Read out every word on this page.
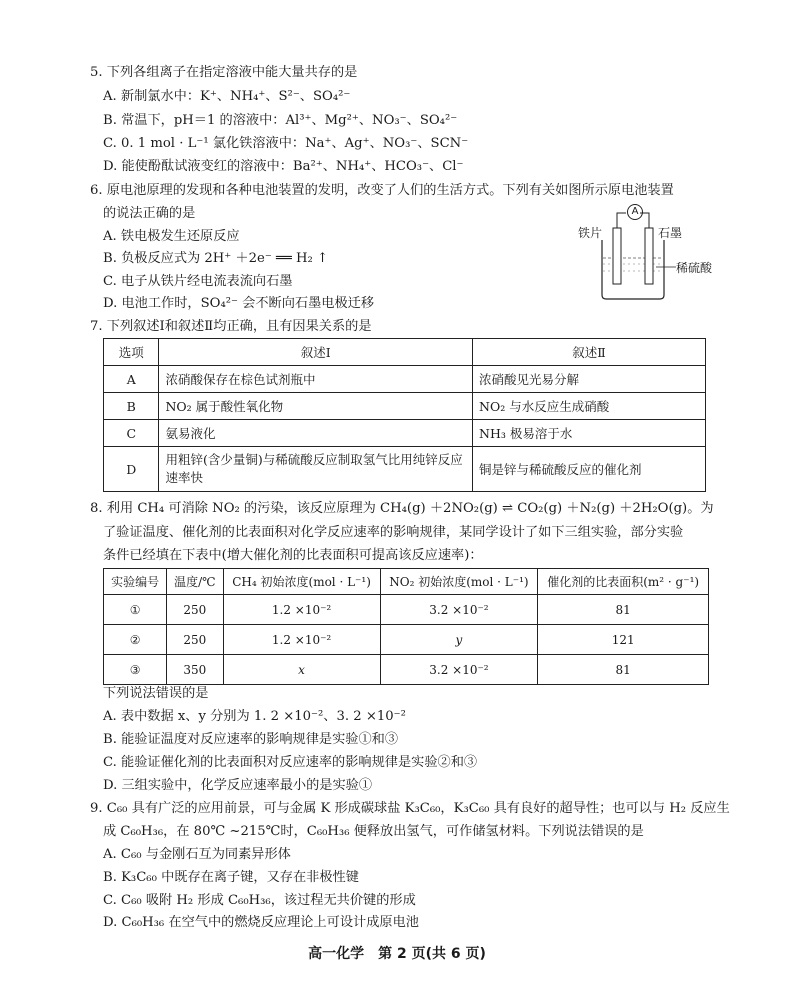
5. 下列各组离子在指定溶液中能大量共存的是
A. 新制氯水中：K⁺、NH₄⁺、S²⁻、SO₄²⁻
B. 常温下，pH＝1 的溶液中：Al³⁺、Mg²⁺、NO₃⁻、SO₄²⁻
C. 0. 1 mol · L⁻¹ 氯化铁溶液中：Na⁺、Ag⁺、NO₃⁻、SCN⁻
D. 能使酚酞试液变红的溶液中：Ba²⁺、NH₄⁺、HCO₃⁻、Cl⁻
6. 原电池原理的发现和各种电池装置的发明，改变了人们的生活方式。下列有关如图所示原电池装置
的说法正确的是
A. 铁电极发生还原反应
B. 负极反应式为 2H⁺ ＋2e⁻ ══ H₂ ↑
C. 电子从铁片经电流表流向石墨
D. 电池工作时，SO₄²⁻ 会不断向石墨电极迁移
A
铁片	石墨
稀硫酸
7. 下列叙述Ⅰ和叙述Ⅱ均正确，且有因果关系的是
选项	叙述Ⅰ	叙述Ⅱ
A	浓硝酸保存在棕色试剂瓶中	浓硝酸见光易分解
B	NO₂ 属于酸性氧化物	NO₂ 与水反应生成硝酸
C	氨易液化	NH₃ 极易溶于水
D	用粗锌(含少量铜)与稀硫酸反应制取氢气比用纯锌反应速率快	铜是锌与稀硫酸反应的催化剂
8. 利用 CH₄ 可消除 NO₂ 的污染，该反应原理为 CH₄(g) ＋2NO₂(g) ⇌ CO₂(g) ＋N₂(g) ＋2H₂O(g)。为
了验证温度、催化剂的比表面积对化学反应速率的影响规律，某同学设计了如下三组实验，部分实验
条件已经填在下表中(增大催化剂的比表面积可提高该反应速率)：
实验编号	温度/℃	CH₄ 初始浓度(mol · L⁻¹)	NO₂ 初始浓度(mol · L⁻¹)	催化剂的比表面积(m² · g⁻¹)
①	250	1.2 ×10⁻²	3.2 ×10⁻²	81
②	250	1.2 ×10⁻²	y	121
③	350	x	3.2 ×10⁻²	81
下列说法错误的是
A. 表中数据 x、y 分别为 1. 2 ×10⁻²、3. 2 ×10⁻²
B. 能验证温度对反应速率的影响规律是实验①和③
C. 能验证催化剂的比表面积对反应速率的影响规律是实验②和③
D. 三组实验中，化学反应速率最小的是实验①
9. C₆₀ 具有广泛的应用前景，可与金属 K 形成碳球盐 K₃C₆₀，K₃C₆₀ 具有良好的超导性；也可以与 H₂ 反应生
成 C₆₀H₃₆，在 80℃ ~215℃时，C₆₀H₃₆ 便释放出氢气，可作储氢材料。下列说法错误的是
A. C₆₀ 与金刚石互为同素异形体
B. K₃C₆₀ 中既存在离子键，又存在非极性键
C. C₆₀ 吸附 H₂ 形成 C₆₀H₃₆，该过程无共价键的形成
D. C₆₀H₃₆ 在空气中的燃烧反应理论上可设计成原电池
高一化学　第 2 页(共 6 页)
